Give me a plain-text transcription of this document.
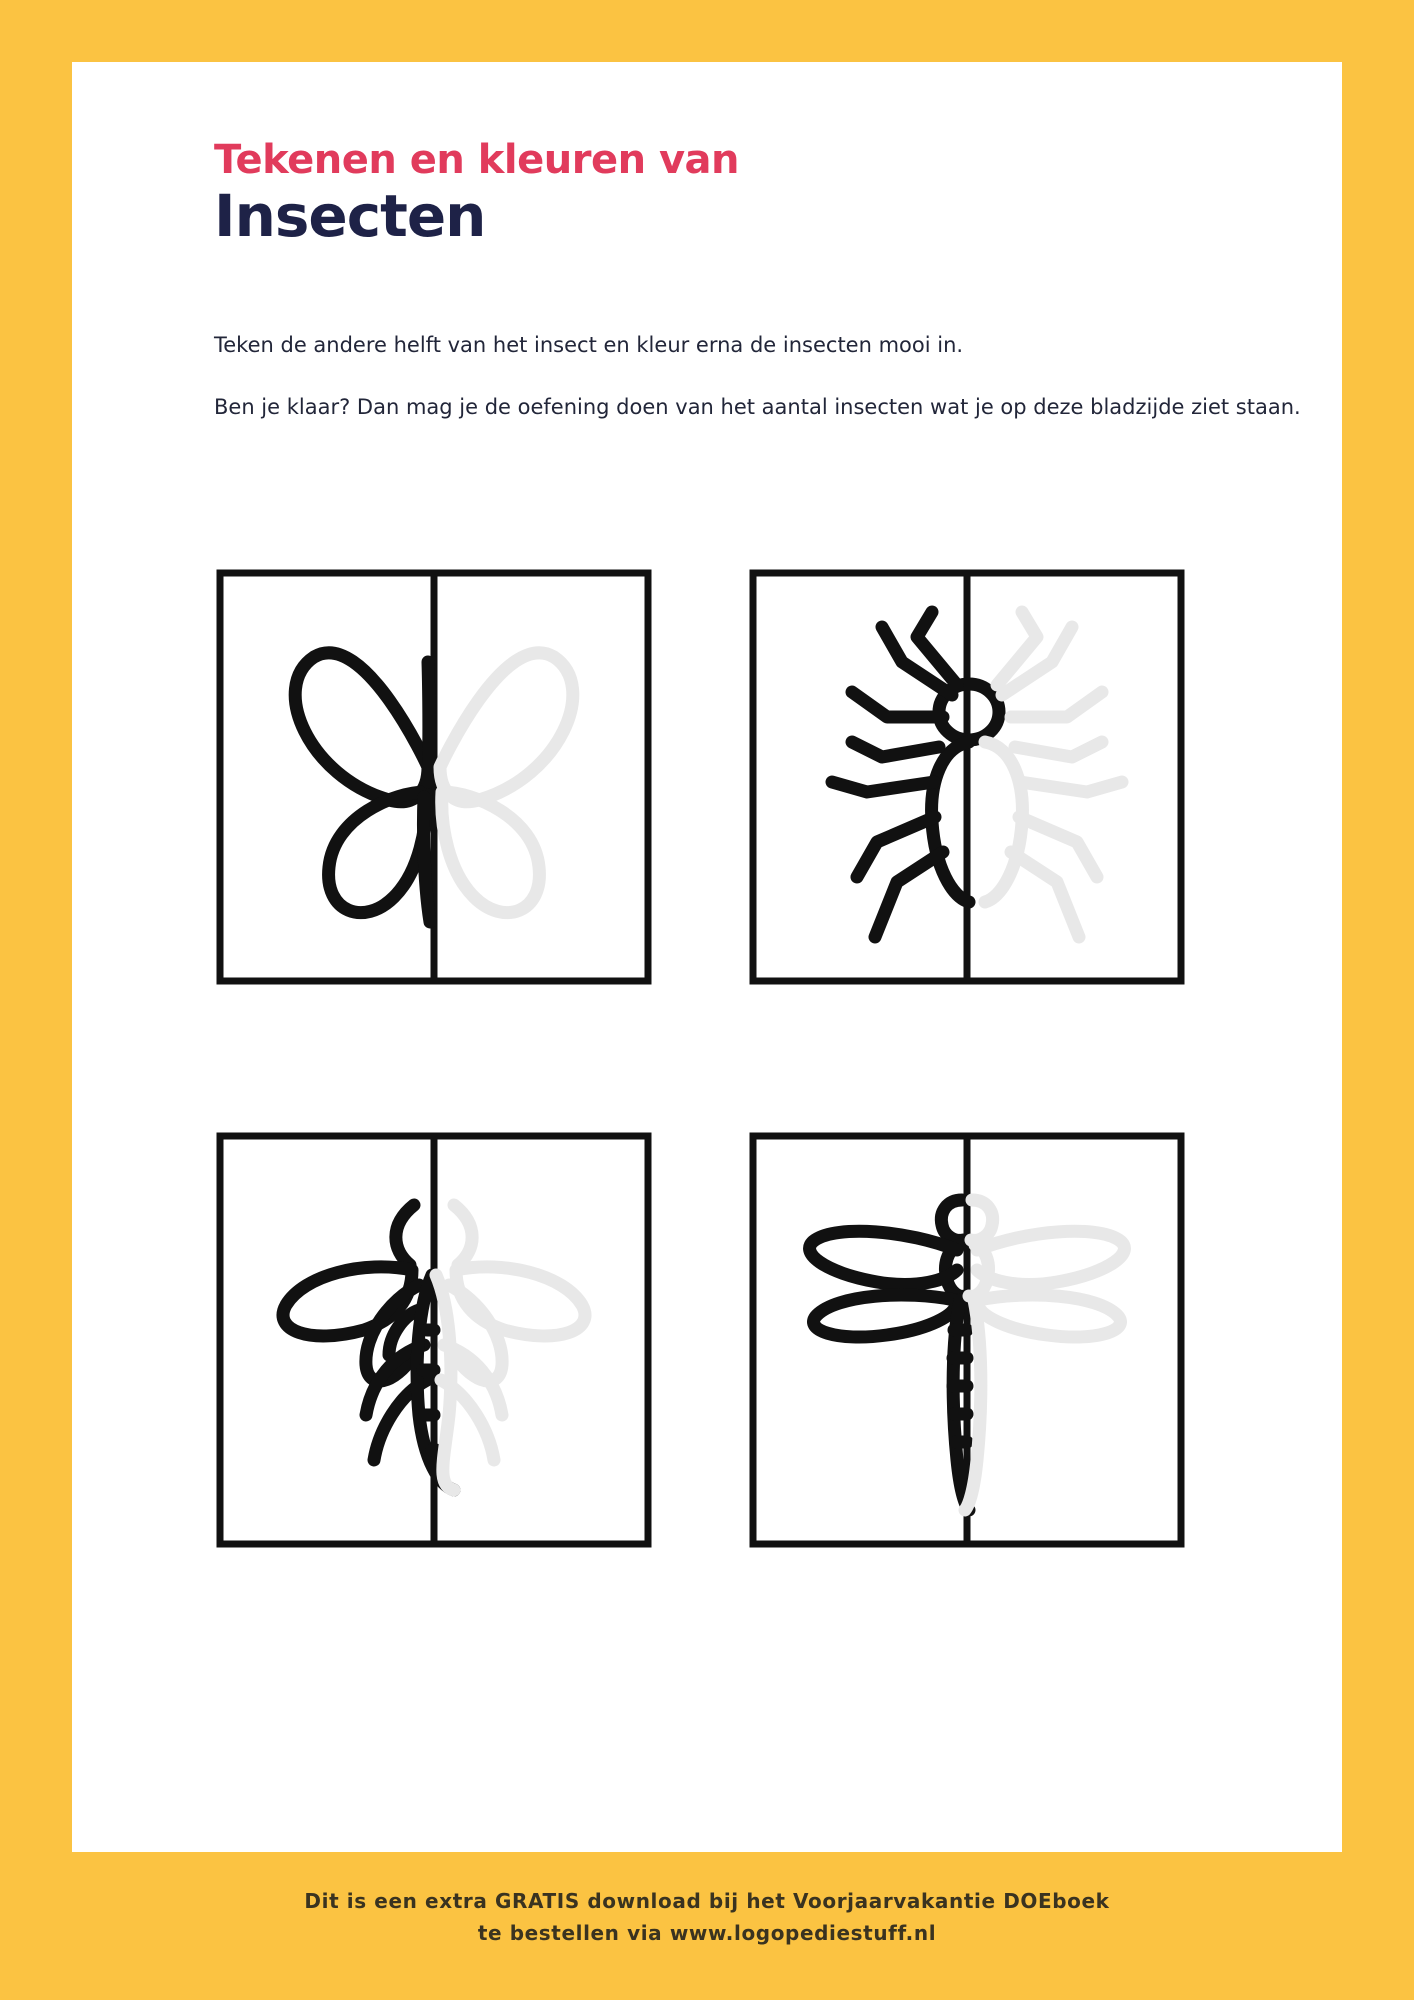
Tekenen en kleuren van
Insecten

Teken de andere helft van het insect en kleur erna de insecten mooi in.

Ben je klaar? Dan mag je de oefening doen van het aantal insecten wat je op deze bladzijde ziet staan.

Dit is een extra GRATIS download bij het Voorjaarvakantie DOEboek
te bestellen via www.logopediestuff.nl
